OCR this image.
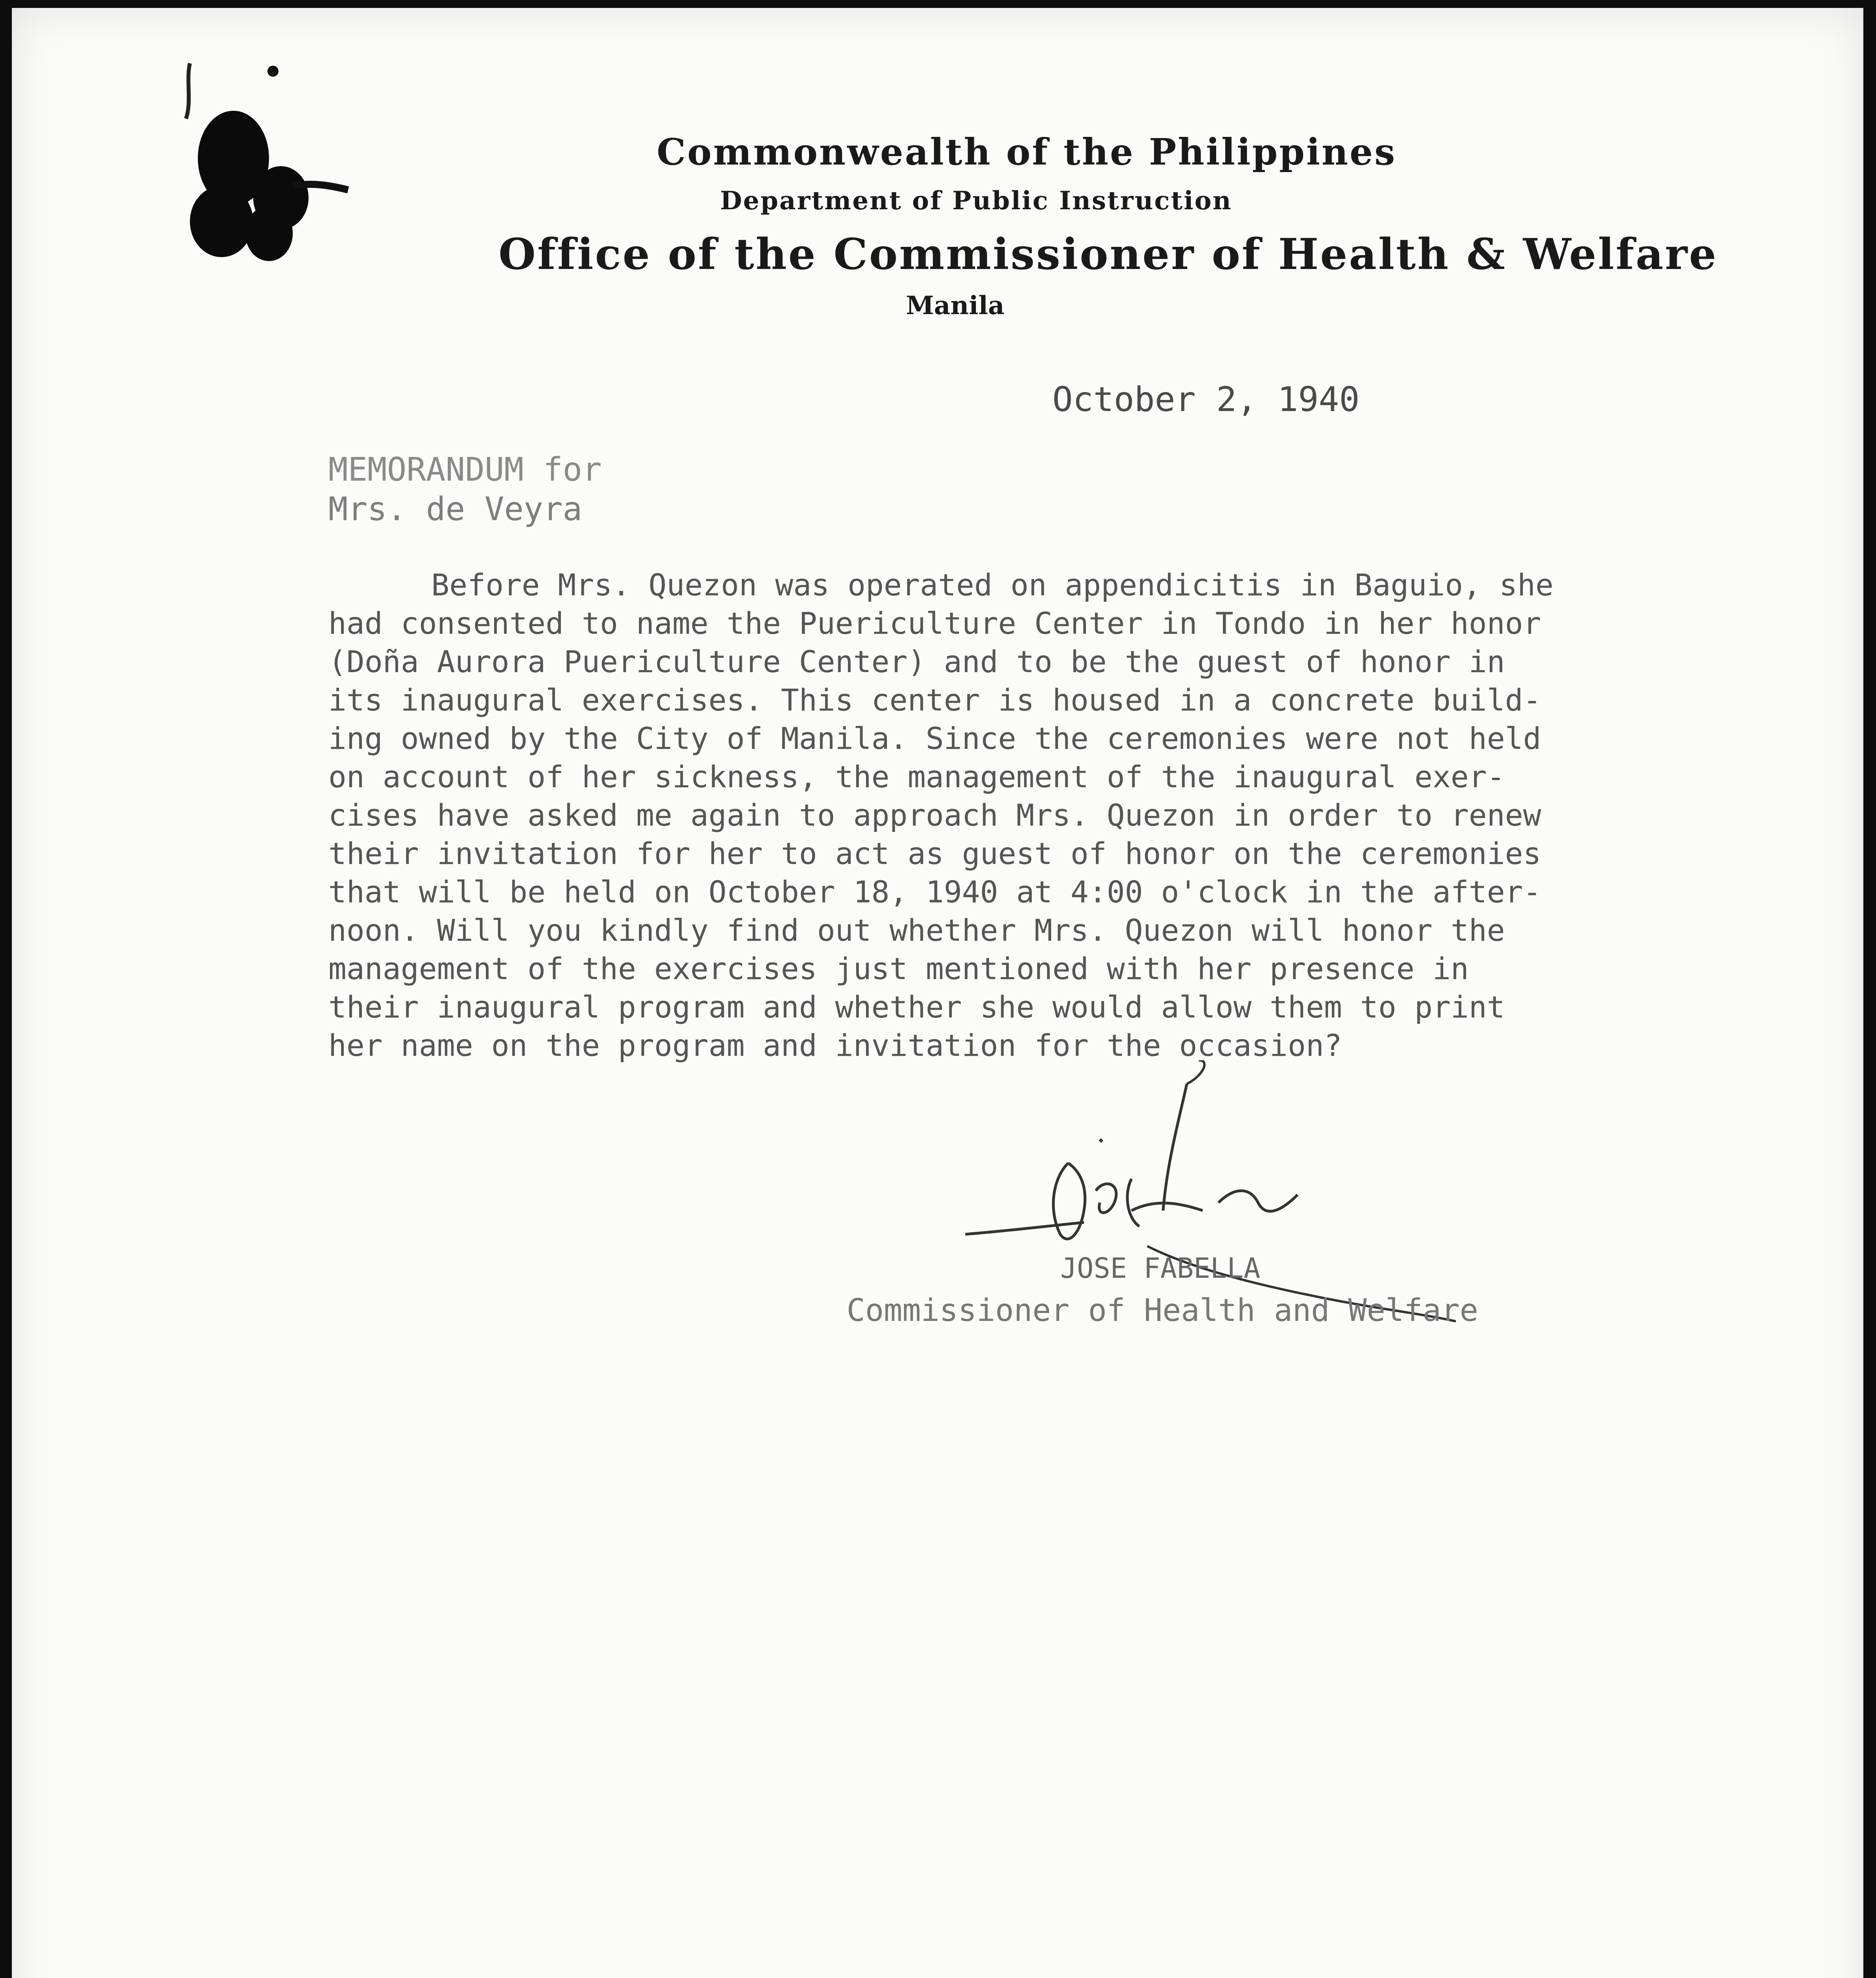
Commonwealth of the Philippines
Department of Public Instruction
Office of the Commissioner of Health & Welfare
Manila
October 2, 1940
MEMORANDUM for
Mrs. de Veyra
Before Mrs. Quezon was operated on appendicitis in Baguio, she
had consented to name the Puericulture Center in Tondo in her honor
(Doña Aurora Puericulture Center) and to be the guest of honor in
its inaugural exercises. This center is housed in a concrete build-
ing owned by the City of Manila. Since the ceremonies were not held
on account of her sickness, the management of the inaugural exer-
cises have asked me again to approach Mrs. Quezon in order to renew
their invitation for her to act as guest of honor on the ceremonies
that will be held on October 18, 1940 at 4:00 o'clock in the after-
noon. Will you kindly find out whether Mrs. Quezon will honor the
management of the exercises just mentioned with her presence in
their inaugural program and whether she would allow them to print
her name on the program and invitation for the occasion?
JOSE FABELLA
Commissioner of Health and Welfare
